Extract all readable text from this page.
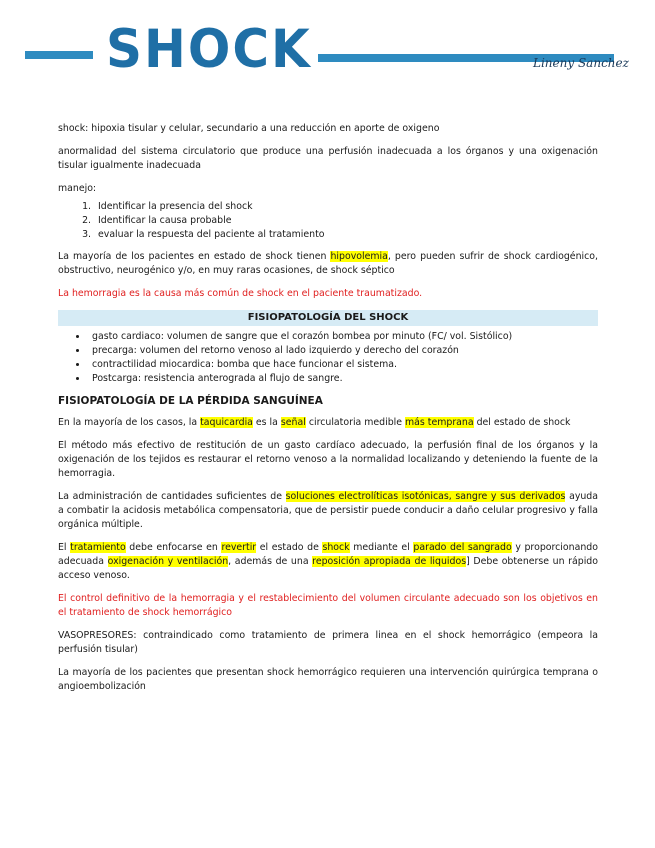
SHOCK	Lineny Sanchez

shock: hipoxia tisular y celular, secundario a una reducción en aporte de oxigeno

anormalidad del sistema circulatorio que produce una perfusión inadecuada a los órganos y una oxigenación tisular igualmente inadecuada

manejo:

1. Identificar la presencia del shock
2. Identificar la causa probable
3. evaluar la respuesta del paciente al tratamiento

La mayoría de los pacientes en estado de shock tienen hipovolemia, pero pueden sufrir de shock cardiogénico, obstructivo, neurogénico y/o, en muy raras ocasiones, de shock séptico

La hemorragia es la causa más común de shock en el paciente traumatizado.

FISIOPATOLOGÍA DEL SHOCK
• gasto cardiaco: volumen de sangre que el corazón bombea por minuto (FC/ vol. Sistólico)
• precarga: volumen del retorno venoso al lado izquierdo y derecho del corazón
• contractilidad miocardica: bomba que hace funcionar el sistema.
• Postcarga: resistencia anterograda al flujo de sangre.
FISIOPATOLOGÍA DE LA PÉRDIDA SANGUÍNEA

En la mayoría de los casos, la taquicardia es la señal circulatoria medible más temprana del estado de shock

El método más efectivo de restitución de un gasto cardíaco adecuado, la perfusión final de los órganos y la oxigenación de los tejidos es restaurar el retorno venoso a la normalidad localizando y deteniendo la fuente de la hemorragia.

La administración de cantidades suficientes de soluciones electrolíticas isotónicas, sangre y sus derivados ayuda a combatir la acidosis metabólica compensatoria, que de persistir puede conducir a daño celular progresivo y falla orgánica múltiple.

El tratamiento debe enfocarse en revertir el estado de shock mediante el parado del sangrado y proporcionando adecuada oxigenación y ventilación, además de una reposición apropiada de liquidos] Debe obtenerse un rápido acceso venoso.

El control definitivo de la hemorragia y el restablecimiento del volumen circulante adecuado son los objetivos en el tratamiento de shock hemorrágico

VASOPRESORES: contraindicado como tratamiento de primera linea en el shock hemorrágico (empeora la perfusión tisular)

La mayoría de los pacientes que presentan shock hemorrágico requieren una intervención quirúrgica temprana o angioembolización
